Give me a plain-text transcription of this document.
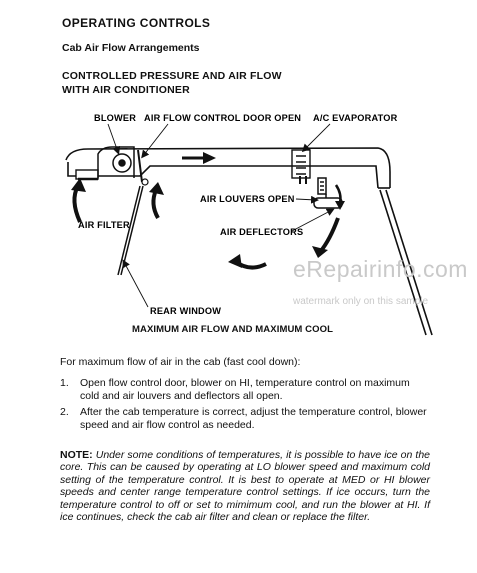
OPERATING CONTROLS
Cab Air Flow Arrangements
CONTROLLED PRESSURE AND AIR FLOW
WITH AIR CONDITIONER
BLOWER AIR FLOW CONTROL DOOR OPEN A/C EVAPORATOR
AIR LOUVERS OPEN
AIR FILTER
AIR DEFLECTORS
REAR WINDOW
eRepairinfo.com
watermark only on this sample
MAXIMUM AIR FLOW AND MAXIMUM COOL
For maximum flow of air in the cab (fast cool down):
1.	Open flow control door, blower on HI, temperature control on maximum cold and air louvers and deflectors all open.
2.	After the cab temperature is correct, adjust the temperature control, blower speed and air flow control as needed.
NOTE: Under some conditions of temperatures, it is possible to have ice on the core. This can be caused by operating at LO blower speed and maximum cold setting of the temperature control. It is best to operate at MED or HI blower speeds and center range temperature control settings. If ice occurs, turn the temperature control to off or set to mimimum cool, and run the blower at HI. If ice continues, check the cab air filter and clean or replace the filter.
